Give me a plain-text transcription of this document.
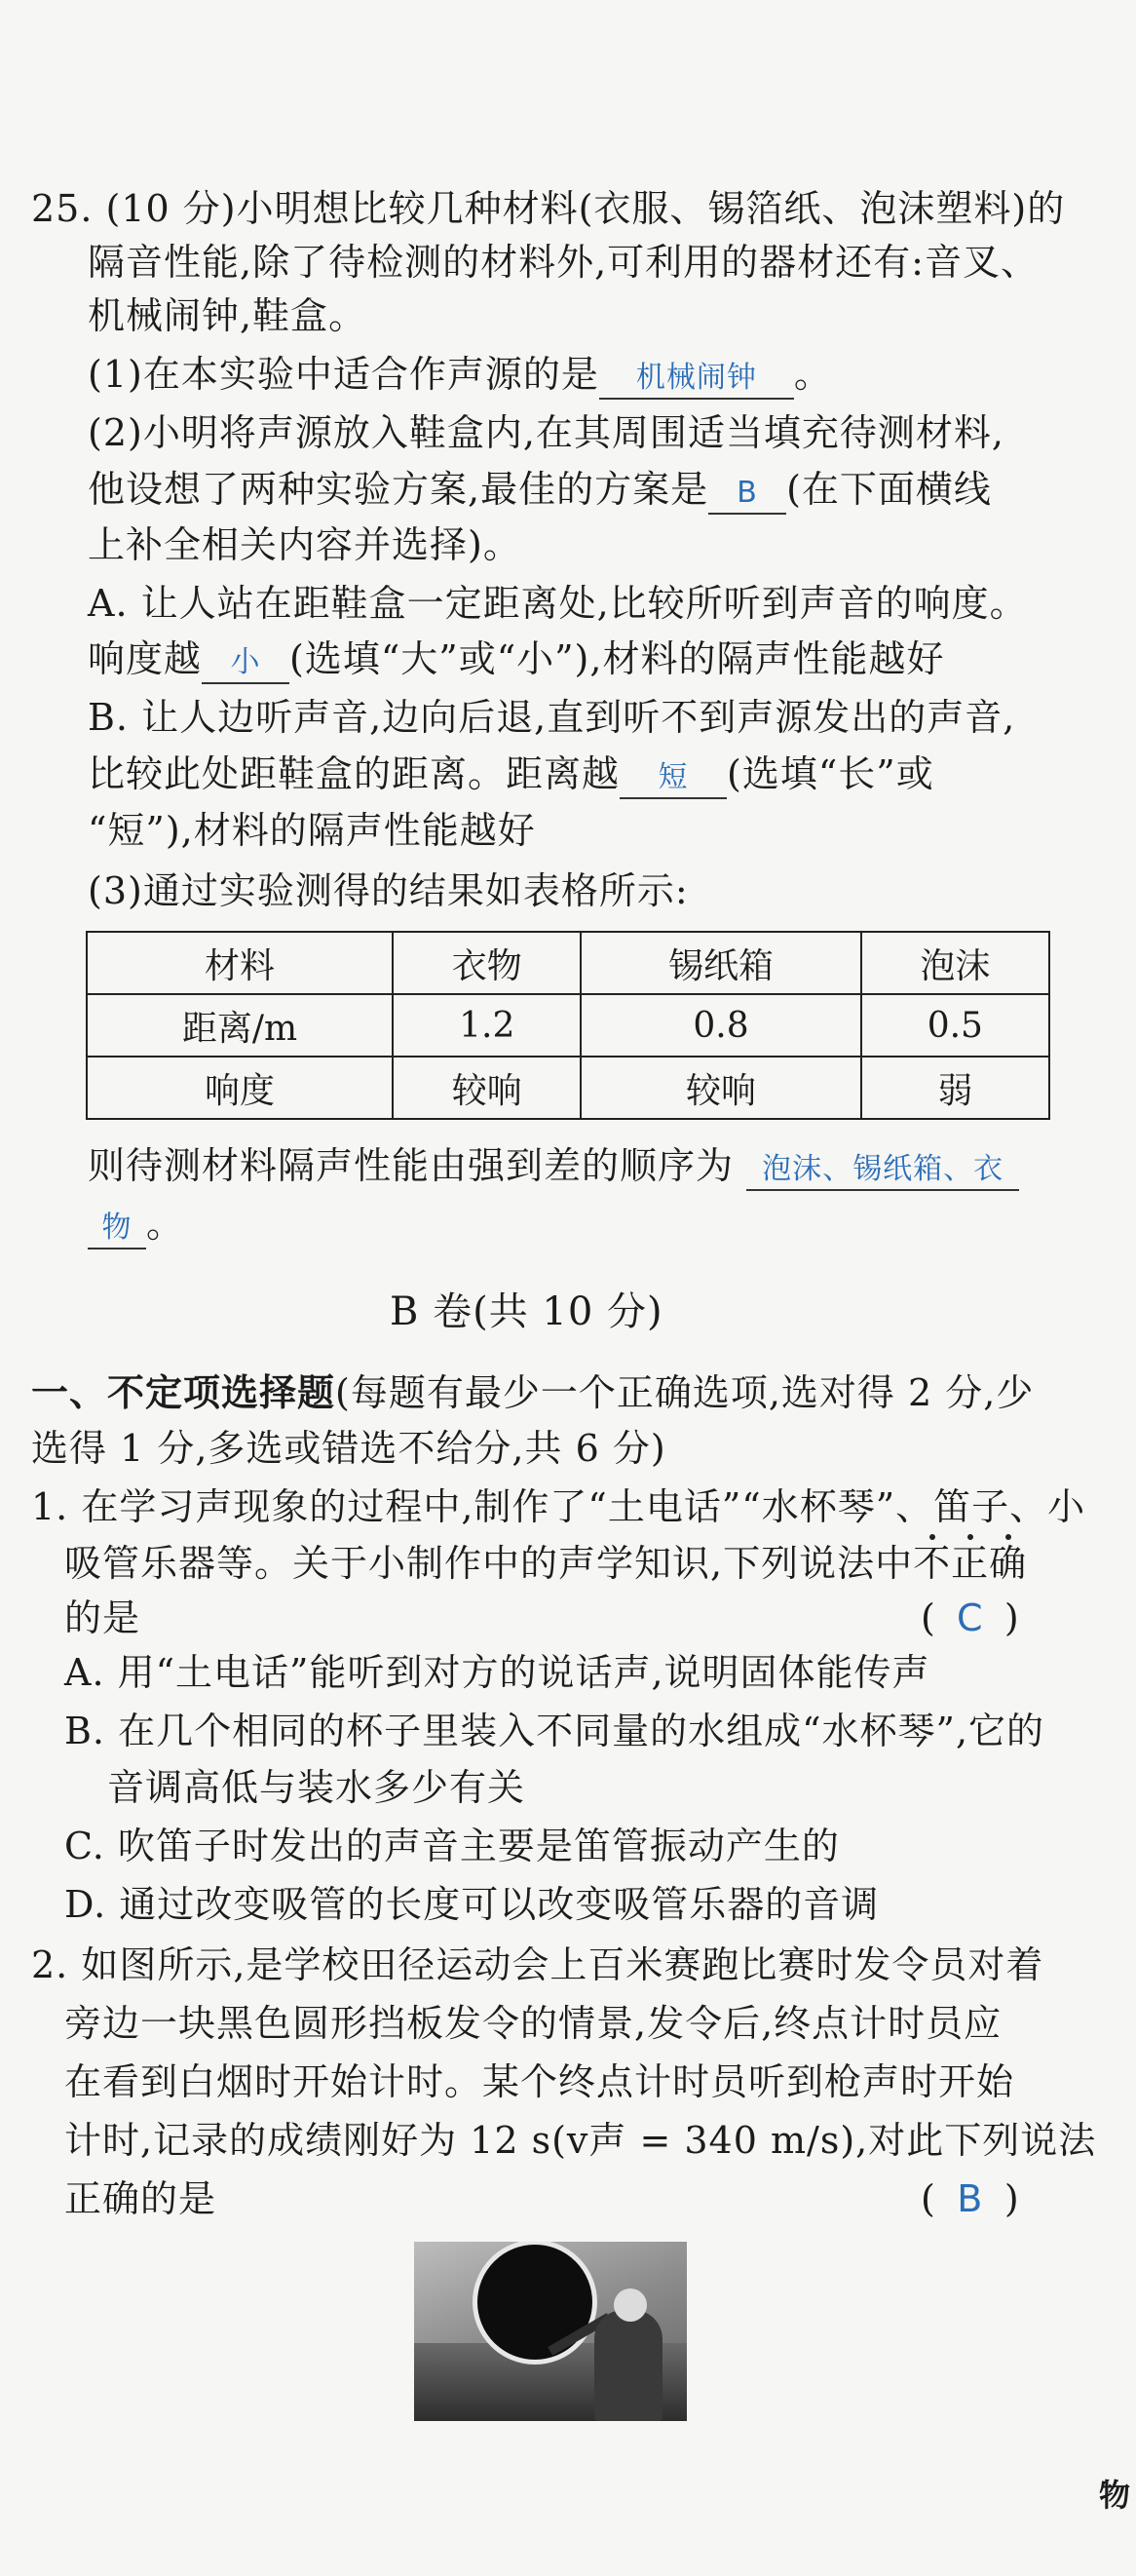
25. (10 分)小明想比较几种材料(衣服、锡箔纸、泡沫塑料)的
隔音性能,除了待检测的材料外,可利用的器材还有:音叉、
机械闹钟,鞋盒。
(1)在本实验中适合作声源的是 机械闹钟 。
(2)小明将声源放入鞋盒内,在其周围适当填充待测材料,
他设想了两种实验方案,最佳的方案是 B (在下面横线
上补全相关内容并选择)。
A. 让人站在距鞋盒一定距离处,比较所听到声音的响度。
响度越 小 (选填“大”或“小”),材料的隔声性能越好
B. 让人边听声音,边向后退,直到听不到声源发出的声音,
比较此处距鞋盒的距离。距离越 短 (选填“长”或
“短”),材料的隔声性能越好
(3)通过实验测得的结果如表格所示:
材料	衣物	锡纸箱	泡沫
距离/m	1.2	0.8	0.5
响度	较响	较响	弱
则待测材料隔声性能由强到差的顺序为 泡沫、锡纸箱、衣
物 。
B 卷(共 10 分)
一、不定项选择题(每题有最少一个正确选项,选对得 2 分,少
选得 1 分,多选或错选不给分,共 6 分)
1. 在学习声现象的过程中,制作了“土电话”“水杯琴”、笛子、小
吸管乐器等。关于小制作中的声学知识,下列说法中不正确
的是	( C )
A. 用“土电话”能听到对方的说话声,说明固体能传声
B. 在几个相同的杯子里装入不同量的水组成“水杯琴”,它的
音调高低与装水多少有关
C. 吹笛子时发出的声音主要是笛管振动产生的
D. 通过改变吸管的长度可以改变吸管乐器的音调
2. 如图所示,是学校田径运动会上百米赛跑比赛时发令员对着
旁边一块黑色圆形挡板发令的情景,发令后,终点计时员应
在看到白烟时开始计时。某个终点计时员听到枪声时开始
计时,记录的成绩刚好为 12 s(v声 = 340 m/s),对此下列说法
正确的是	( B )
物
